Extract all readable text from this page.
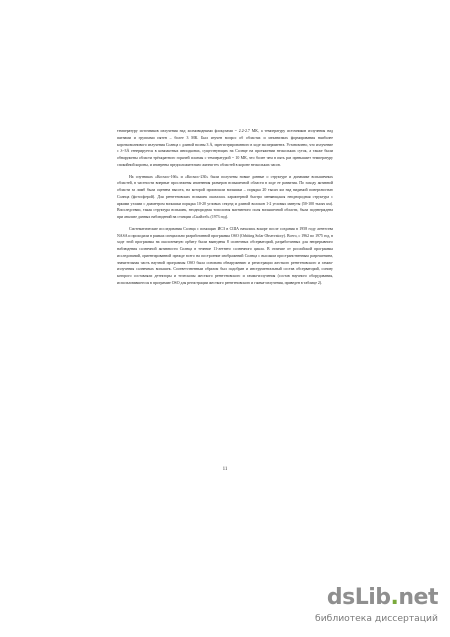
температуру источников излучения над холмовидными флокулами ~ 2.2-2.7 МК, а температуру источников излучения над пятнами и группами пятен – более 3 МК. Был изучен вопрос об областях и механизмах формирования наиболее коротковолнового излучения Солнца с длиной волны 3 Å, зарегистрированного в ходе эксперимента. Установлено, что излучение с λ~3Å генерируется в компактных инподконах, существующих на Солнце на протяжении нескольких суток, а также были обнаружены области трёхкратного горячей плазмы с температурой ~ 10 МК, что более чем в пять раз превышает температуру спокойной короны, и измерены предположительно жизни тех областей в короне нескольких часов.

На спутниках «Космос-166» и «Космос-230» были получены новые данные о структуре и динамике вспышечных областей, в частности впервые прослежены изменения размеров вспышечной области в ходе ее развития. По заходу активной области за лимб была оценена высота, на которой произошли вспышки – порядка 20 тысяч км над видимой поверхностью Солнца (фотосферой). Для рентгеновских вспышек оказалась характерной быстро меняющаяся неоднородная структура с яркими узлами с диаметром вспышки порядка 10-20 угловых секунд и длиной волокон 1-2 угловых минуты (50-100 тысяч км). Впоследствии, такая структура вспышек, неоднородная топология магнитного поля вспышечной области, была подтверждена при анализе данных наблюдений на станции «Скайлэб» (1973 год).

Систематические исследования Солнца с помощью ИСЗ в США начались вскоре после создания в 1958 году агентства NASA и проходили в рамках специально разработанной программы OSO (Orbiting Solar Observatory). Всего, с 1962 по 1975 год, в ходе этой программы на околоземную орбиту были выведены 8 солнечных обсерваторий, разработанных для непрерывного наблюдения солнечной активности Солнца в течение 11-летнего солнечного цикла. В отличие от российской программы исследований, ориентированной прежде всего на построение изображений Солнца с высоким пространственным разрешением, значительная часть научной программы OSO была основана обнаружению и регистрации жесткого рентгеновского и гамма-излучения солнечных вспышек. Соответственным образом был подобран и инструментальный состав обсерваторий, основу которого составляли детекторы и телескопы жесткого рентгеновского и гамма-излучения (состав научного оборудования, использовавшегося в программе OSO для регистрации жесткого рентгеновского и гамма-излучения, приведен в таблице 2).

11
dsLib.net
библиотека диссертаций
